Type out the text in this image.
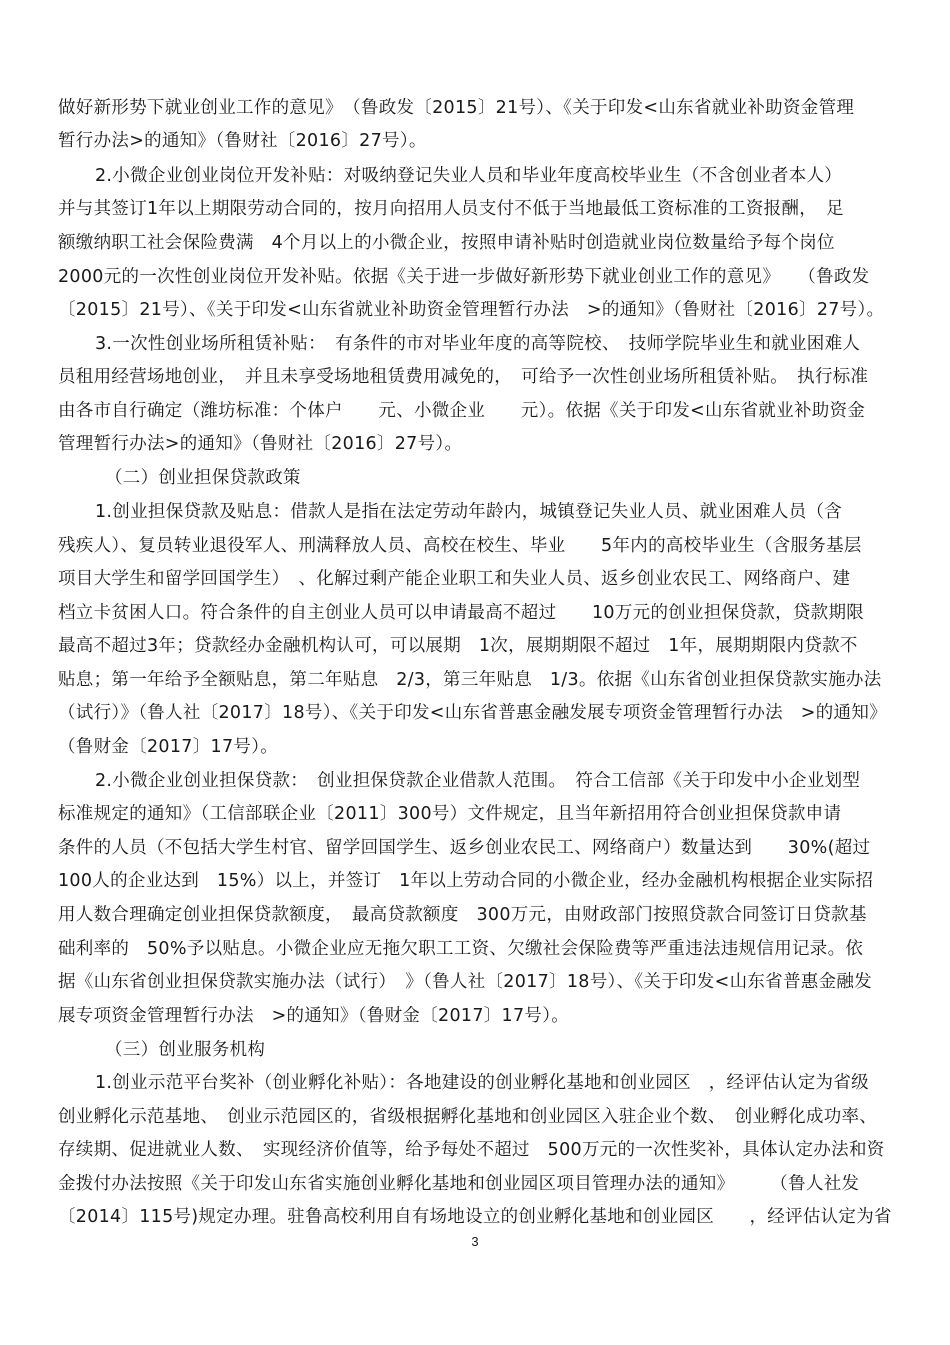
做好新形势下就业创业工作的意见》　（鲁政发〔2015〕21号）、《关于印发<山东省就业补助资金管理
暂行办法>的通知》（鲁财社〔2016〕27号）。
2.小微企业创业岗位开发补贴：对吸纳登记失业人员和毕业年度高校毕业生（不含创业者本人）
并与其签订1年以上期限劳动合同的，按月向招用人员支付不低于当地最低工资标准的工资报酬，　足
额缴纳职工社会保险费满　4个月以上的小微企业，按照申请补贴时创造就业岗位数量给予每个岗位
2000元的一次性创业岗位开发补贴。依据《关于进一步做好新形势下就业创业工作的意见》　　（鲁政发
〔2015〕21号）、《关于印发<山东省就业补助资金管理暂行办法　>的通知》（鲁财社〔2016〕27号）。
3.一次性创业场所租赁补贴：　有条件的市对毕业年度的高等院校、　技师学院毕业生和就业困难人
员租用经营场地创业，　并且未享受场地租赁费用减免的，　可给予一次性创业场所租赁补贴。　执行标准
由各市自行确定（潍坊标准：个体户　　元、小微企业　　元）。依据《关于印发<山东省就业补助资金
管理暂行办法>的通知》（鲁财社〔2016〕27号）。
（二）创业担保贷款政策
1.创业担保贷款及贴息：借款人是指在法定劳动年龄内，城镇登记失业人员、就业困难人员（含
残疾人）、复员转业退役军人、刑满释放人员、高校在校生、毕业　　5年内的高校毕业生（含服务基层
项目大学生和留学回国学生）　、化解过剩产能企业职工和失业人员、返乡创业农民工、网络商户、建
档立卡贫困人口。符合条件的自主创业人员可以申请最高不超过　　10万元的创业担保贷款，贷款期限
最高不超过3年；贷款经办金融机构认可，可以展期　1次，展期期限不超过　1年，展期期限内贷款不
贴息；第一年给予全额贴息，第二年贴息　2/3，第三年贴息　1/3。依据《山东省创业担保贷款实施办法
（试行）》（鲁人社〔2017〕18号）、《关于印发<山东省普惠金融发展专项资金管理暂行办法　>的通知》
（鲁财金〔2017〕17号）。
2.小微企业创业担保贷款：　创业担保贷款企业借款人范围。　符合工信部《关于印发中小企业划型
标准规定的通知》（工信部联企业〔2011〕300号）文件规定，且当年新招用符合创业担保贷款申请
条件的人员（不包括大学生村官、留学回国学生、返乡创业农民工、网络商户）数量达到　　30%(超过
100人的企业达到　15%）以上，并签订　1年以上劳动合同的小微企业，经办金融机构根据企业实际招
用人数合理确定创业担保贷款额度，　最高贷款额度　300万元，由财政部门按照贷款合同签订日贷款基
础利率的　50%予以贴息。小微企业应无拖欠职工工资、欠缴社会保险费等严重违法违规信用记录。依
据《山东省创业担保贷款实施办法（试行）　》（鲁人社〔2017〕18号）、《关于印发<山东省普惠金融发
展专项资金管理暂行办法　>的通知》（鲁财金〔2017〕17号）。
（三）创业服务机构
1.创业示范平台奖补（创业孵化补贴）：各地建设的创业孵化基地和创业园区　，经评估认定为省级
创业孵化示范基地、　创业示范园区的，省级根据孵化基地和创业园区入驻企业个数、　创业孵化成功率、
存续期、促进就业人数、　实现经济价值等，给予每处不超过　500万元的一次性奖补，具体认定办法和资
金拨付办法按照《关于印发山东省实施创业孵化基地和创业园区项目管理办法的通知》　　　（鲁人社发
〔2014〕115号)规定办理。驻鲁高校利用自有场地设立的创业孵化基地和创业园区　　，经评估认定为省
3
